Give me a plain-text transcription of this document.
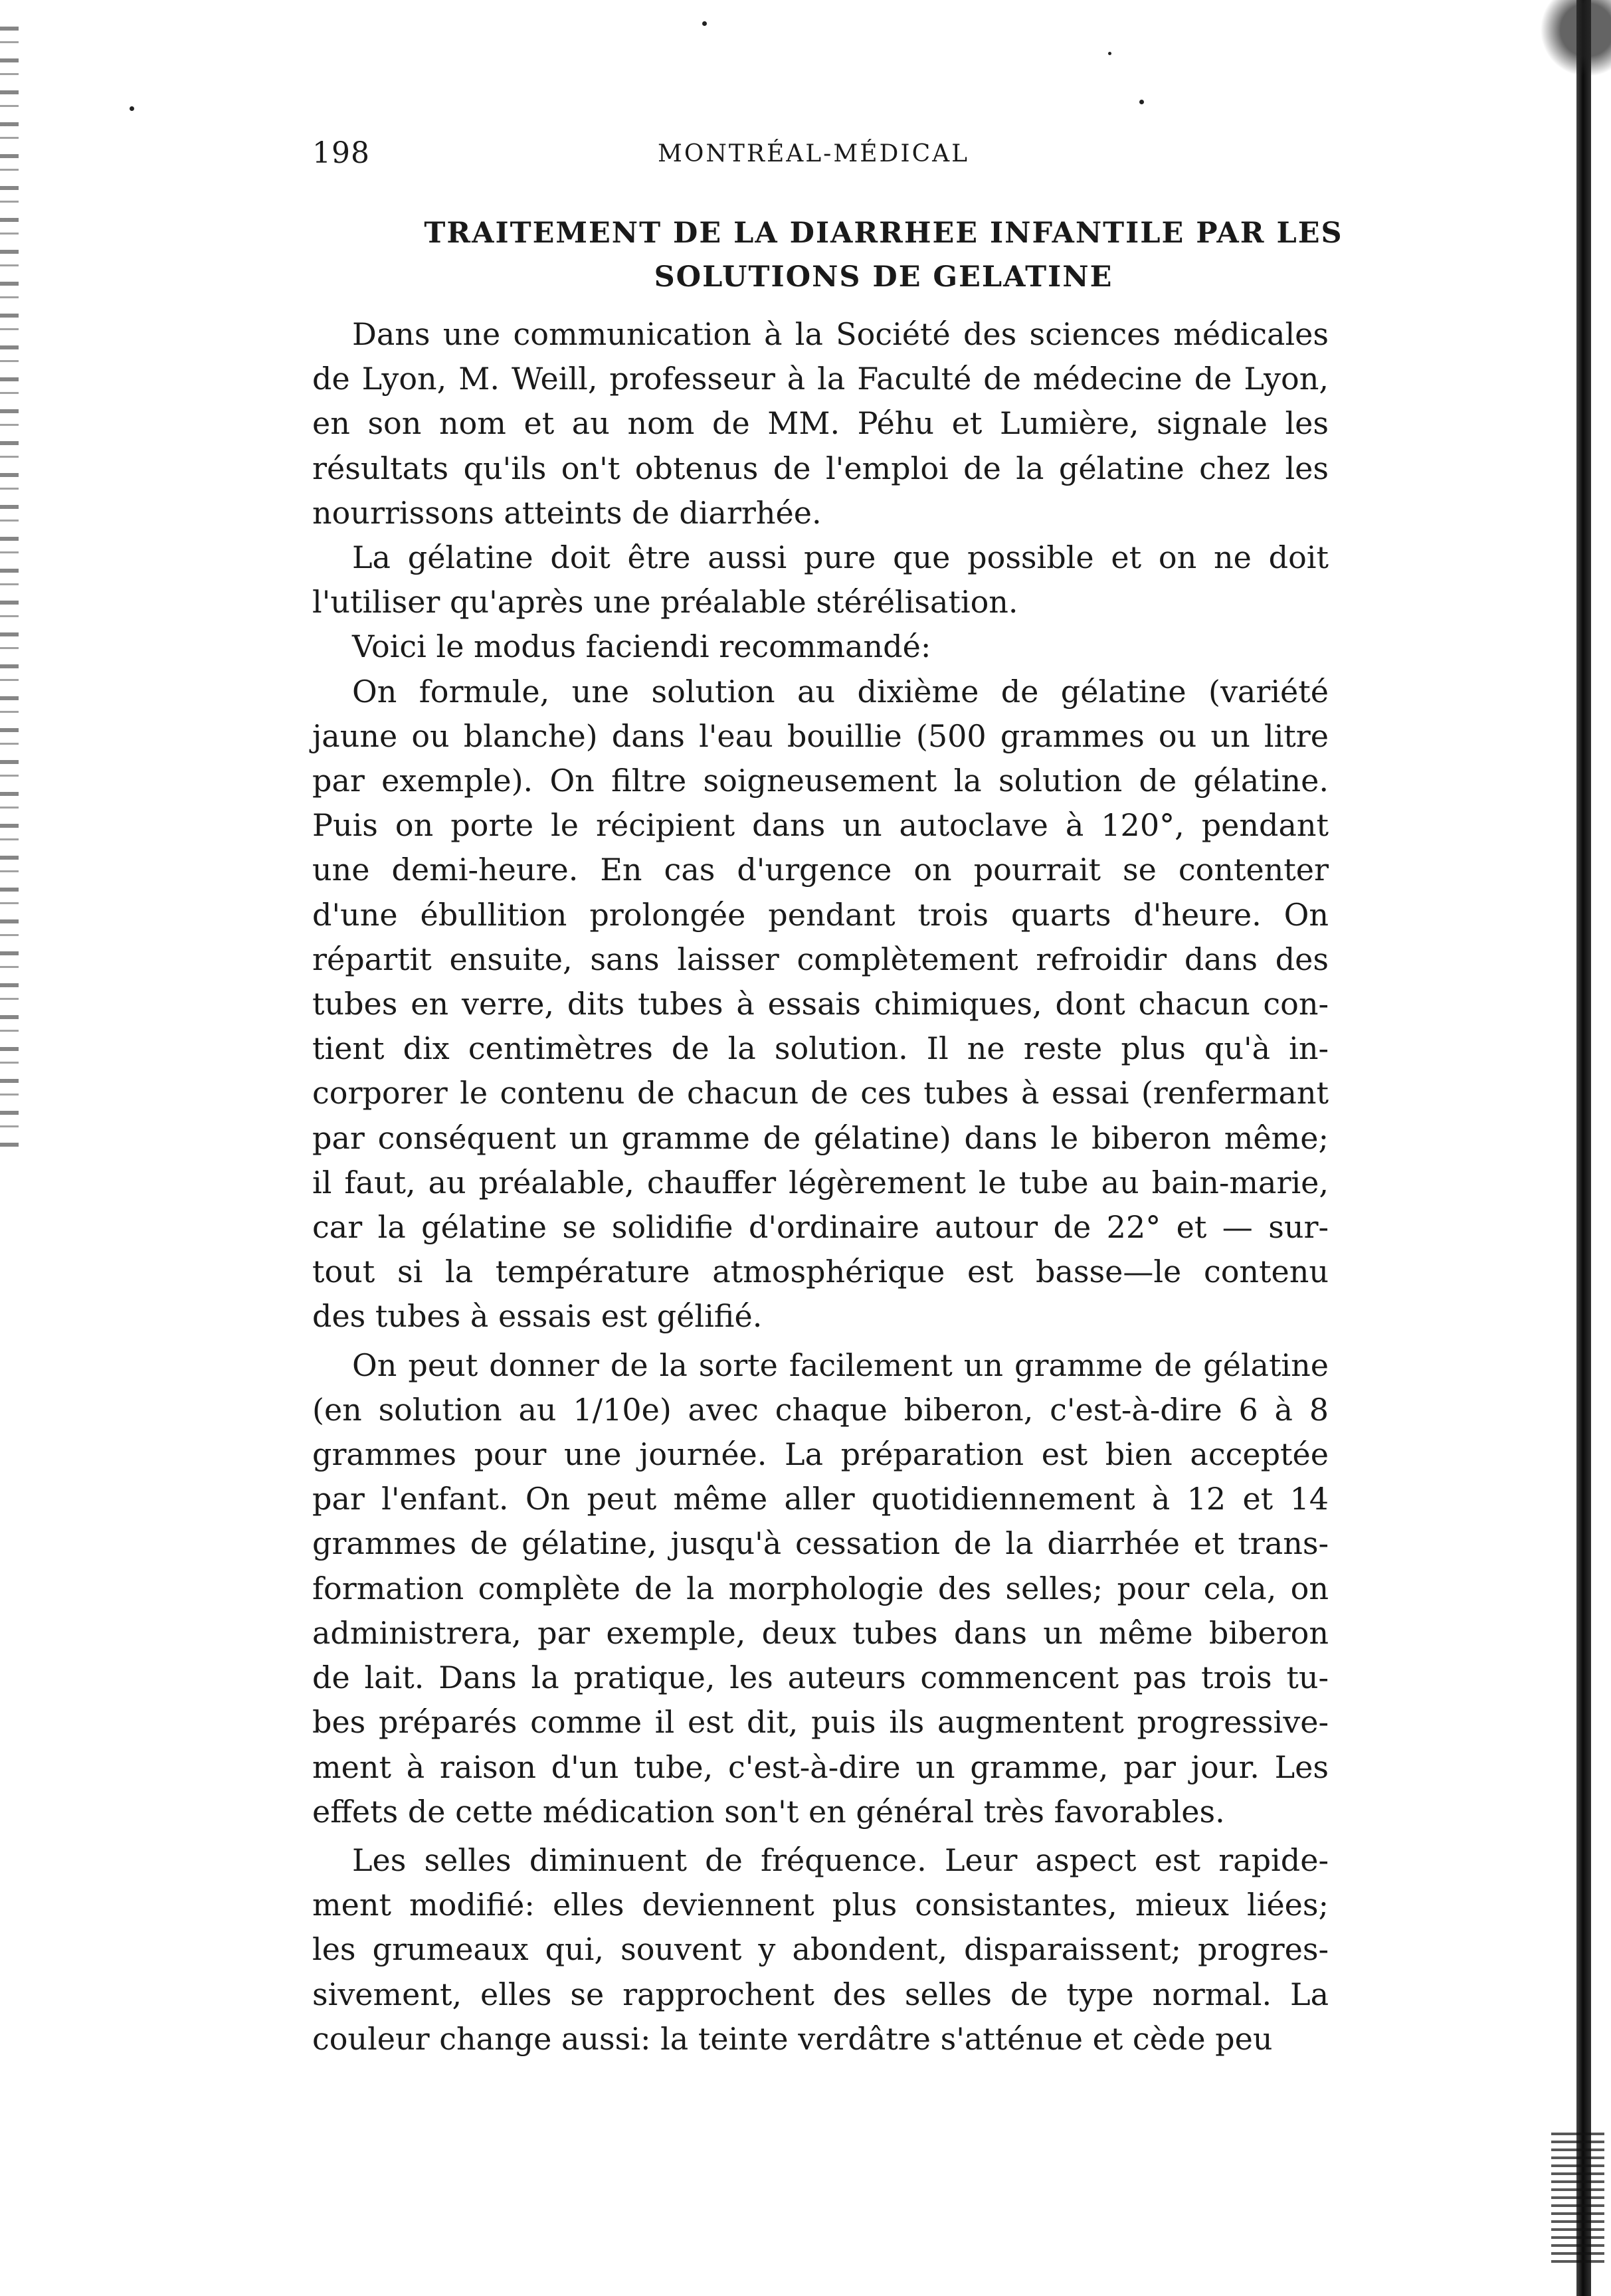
198	MONTRÉAL-MÉDICAL
TRAITEMENT DE LA DIARRHEE INFANTILE PAR LES
SOLUTIONS DE GELATINE
Dans une communication à la Société des sciences médicales
de Lyon, M. Weill, professeur à la Faculté de médecine de Lyon,
en son nom et au nom de MM. Péhu et Lumière, signale les
résultats qu'ils on't obtenus de l'emploi de la gélatine chez les
nourrissons atteints de diarrhée.
La gélatine doit être aussi pure que possible et on ne doit
l'utiliser qu'après une préalable stérélisation.
Voici le modus faciendi recommandé:
On formule, une solution au dixième de gélatine (variété
jaune ou blanche) dans l'eau bouillie (500 grammes ou un litre
par exemple). On filtre soigneusement la solution de gélatine.
Puis on porte le récipient dans un autoclave à 120°, pendant
une demi-heure. En cas d'urgence on pourrait se contenter
d'une ébullition prolongée pendant trois quarts d'heure. On
répartit ensuite, sans laisser complètement refroidir dans des
tubes en verre, dits tubes à essais chimiques, dont chacun con-
tient dix centimètres de la solution. Il ne reste plus qu'à in-
corporer le contenu de chacun de ces tubes à essai (renfermant
par conséquent un gramme de gélatine) dans le biberon même;
il faut, au préalable, chauffer légèrement le tube au bain-marie,
car la gélatine se solidifie d'ordinaire autour de 22° et — sur-
tout si la température atmosphérique est basse—le contenu
des tubes à essais est gélifié.
On peut donner de la sorte facilement un gramme de gélatine
(en solution au 1/10e) avec chaque biberon, c'est-à-dire 6 à 8
grammes pour une journée. La préparation est bien acceptée
par l'enfant. On peut même aller quotidiennement à 12 et 14
grammes de gélatine, jusqu'à cessation de la diarrhée et trans-
formation complète de la morphologie des selles; pour cela, on
administrera, par exemple, deux tubes dans un même biberon
de lait. Dans la pratique, les auteurs commencent pas trois tu-
bes préparés comme il est dit, puis ils augmentent progressive-
ment à raison d'un tube, c'est-à-dire un gramme, par jour. Les
effets de cette médication son't en général très favorables.
Les selles diminuent de fréquence. Leur aspect est rapide-
ment modifié: elles deviennent plus consistantes, mieux liées;
les grumeaux qui, souvent y abondent, disparaissent; progres-
sivement, elles se rapprochent des selles de type normal. La
couleur change aussi: la teinte verdâtre s'atténue et cède peu
